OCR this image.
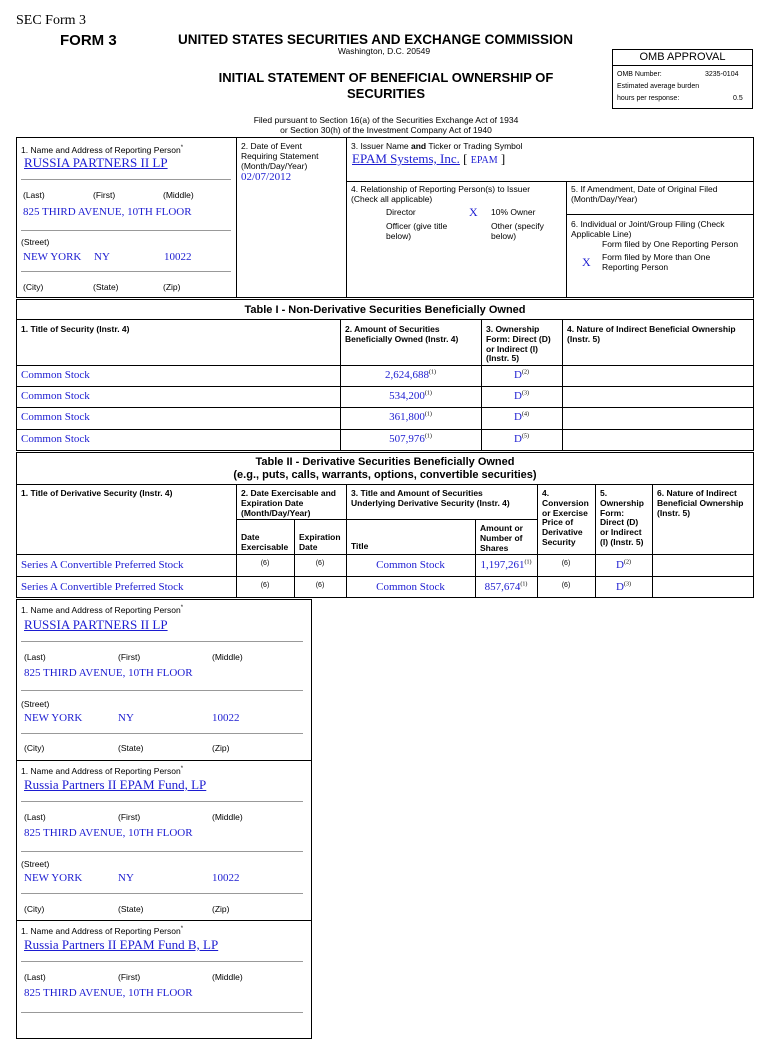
SEC Form 3
FORM 3	UNITED STATES SECURITIES AND EXCHANGE COMMISSION
Washington, D.C. 20549
INITIAL STATEMENT OF BENEFICIAL OWNERSHIP OF
SECURITIES
Filed pursuant to Section 16(a) of the Securities Exchange Act of 1934
or Section 30(h) of the Investment Company Act of 1940
OMB APPROVAL
OMB Number:	3235-0104
Estimated average burden
hours per response:	0.5
1. Name and Address of Reporting Person*
RUSSIA PARTNERS II LP
(Last)	(First)	(Middle)
825 THIRD AVENUE, 10TH FLOOR
(Street)
NEW YORK NY	10022
(City)	(State)	(Zip)
2. Date of Event
Requiring Statement
(Month/Day/Year)
02/07/2012
3. Issuer Name and Ticker or Trading Symbol
EPAM Systems, Inc. [ EPAM ]
4. Relationship of Reporting Person(s) to Issuer
(Check all applicable)
Director	X 10% Owner
Officer (give title
below)
Other (specify
below)
5. If Amendment, Date of Original Filed
(Month/Day/Year)
6. Individual or Joint/Group Filing (Check
Applicable Line)
Form filed by One Reporting Person
X Form filed by More than One
Reporting Person
Table I - Non-Derivative Securities Beneficially Owned
1. Title of Security (Instr. 4)	2. Amount of Securities
Beneficially Owned (Instr. 4)
3. Ownership
Form: Direct (D)
or Indirect (I)
(Instr. 5)
4. Nature of Indirect Beneficial Ownership
(Instr. 5)
Common Stock	2,624,688$^{(1)}$	$D^{(2)}$
Common Stock	534,200$^{(1)}$	$D^{(3)}$
Common Stock	361,800$^{(1)}$	$D^{(4)}$
Common Stock	507,976$^{(1)}$	$D^{(5)}$
Table II - Derivative Securities Beneficially Owned
(e.g., puts, calls, warrants, options, convertible securities)
1. Title of Derivative Security (Instr. 4)	2. Date Exercisable and
Expiration Date
(Month/Day/Year)
Date
Exercisable
Expiration
Date
3. Title and Amount of Securities
Underlying Derivative Security (Instr. 4)
Title
Amount or
Number of
Shares
4.
Conversion
or Exercise
Price of
Derivative
Security
5.
Ownership
Form:
Direct (D)
or Indirect
(I) (Instr. 5)
6. Nature of Indirect
Beneficial Ownership
(Instr. 5)
Series A Convertible Preferred Stock	(6)	(6)	Common Stock	1,197,261$^{(1)}$	(6)	$D^{(2)}$
Series A Convertible Preferred Stock	(6)	(6)	Common Stock	857,674$^{(1)}$	(6)	$D^{(3)}$
1. Name and Address of Reporting Person*
RUSSIA PARTNERS II LP
(Last)	(First)	(Middle)
825 THIRD AVENUE, 10TH FLOOR
(Street)
NEW YORK	NY	10022
(City)	(State)	(Zip)
1. Name and Address of Reporting Person*
Russia Partners II EPAM Fund, LP
(Last)	(First)	(Middle)
825 THIRD AVENUE, 10TH FLOOR
(Street)
NEW YORK	NY	10022
(City)	(State)	(Zip)
1. Name and Address of Reporting Person*
Russia Partners II EPAM Fund B, LP
(Last)	(First)	(Middle)
825 THIRD AVENUE, 10TH FLOOR
